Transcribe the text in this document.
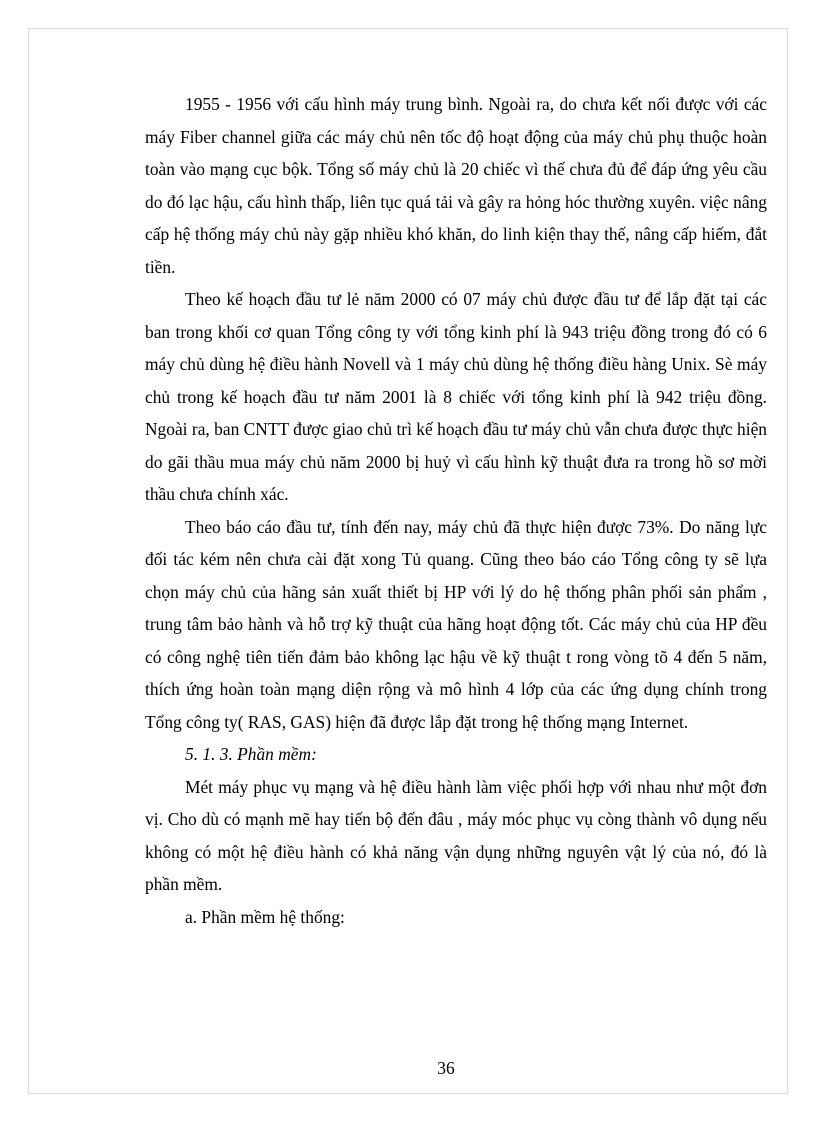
1955 - 1956 với cấu hình máy trung bình. Ngoài ra, do chưa kết nối được với các máy Fiber channel giữa các máy chủ nên tốc độ hoạt động của máy chủ phụ thuộc hoàn toàn vào mạng cục bộk. Tổng số máy chủ là 20 chiếc vì thế chưa đủ để đáp ứng yêu cầu do đó lạc hậu, cấu hình thấp, liên tục quá tải và gây ra hỏng hóc thường xuyên. việc nâng cấp hệ thống máy chủ này gặp nhiều khó khăn, do linh kiện thay thế, nâng cấp hiếm, đắt tiền.

Theo kế hoạch đầu tư lẻ năm 2000 có 07 máy chủ được đầu tư để lắp đặt tại các ban trong khối cơ quan Tổng công ty với tổng kinh phí là 943 triệu đồng trong đó có 6 máy chủ dùng hệ điều hành Novell và 1 máy chủ dùng hệ thống điều hàng Unix. Sè máy chủ trong kế hoạch đầu tư năm 2001 là 8 chiếc với tổng kinh phí là 942 triệu đồng. Ngoài ra, ban CNTT được giao chủ trì kế hoạch đầu tư máy chủ vẫn chưa được thực hiện do gãi thầu mua máy chủ năm 2000 bị huỷ vì cấu hình kỹ thuật đưa ra trong hồ sơ mời thầu chưa chính xác.

Theo báo cáo đầu tư, tính đến nay, máy chủ đã thực hiện được 73%. Do năng lực đối tác kém nên chưa cài đặt xong Tủ quang. Cũng theo báo cáo Tổng công ty sẽ lựa chọn máy chủ của hãng sản xuất thiết bị HP với lý do hệ thống phân phối sản phẩm , trung tâm bảo hành và hỗ trợ kỹ thuật của hãng hoạt động tốt. Các máy chủ của HP đều có công nghệ tiên tiến đảm bảo không lạc hậu về kỹ thuật t rong vòng tõ 4 đến 5 năm, thích ứng hoàn toàn mạng diện rộng và mô hình 4 lớp của các ứng dụng chính trong Tổng công ty( RAS, GAS) hiện đã được lắp đặt trong hệ thống mạng Internet.

5. 1. 3. Phần mềm:

Mét máy phục vụ mạng và hệ điều hành làm việc phối hợp với nhau như một đơn vị. Cho dù có mạnh mẽ hay tiến bộ đến đâu , máy móc phục vụ còng thành vô dụng nếu không có một hệ điều hành có khả năng vận dụng những nguyên vật lý của nó, đó là phần mềm.

a. Phần mềm hệ thống:

36
